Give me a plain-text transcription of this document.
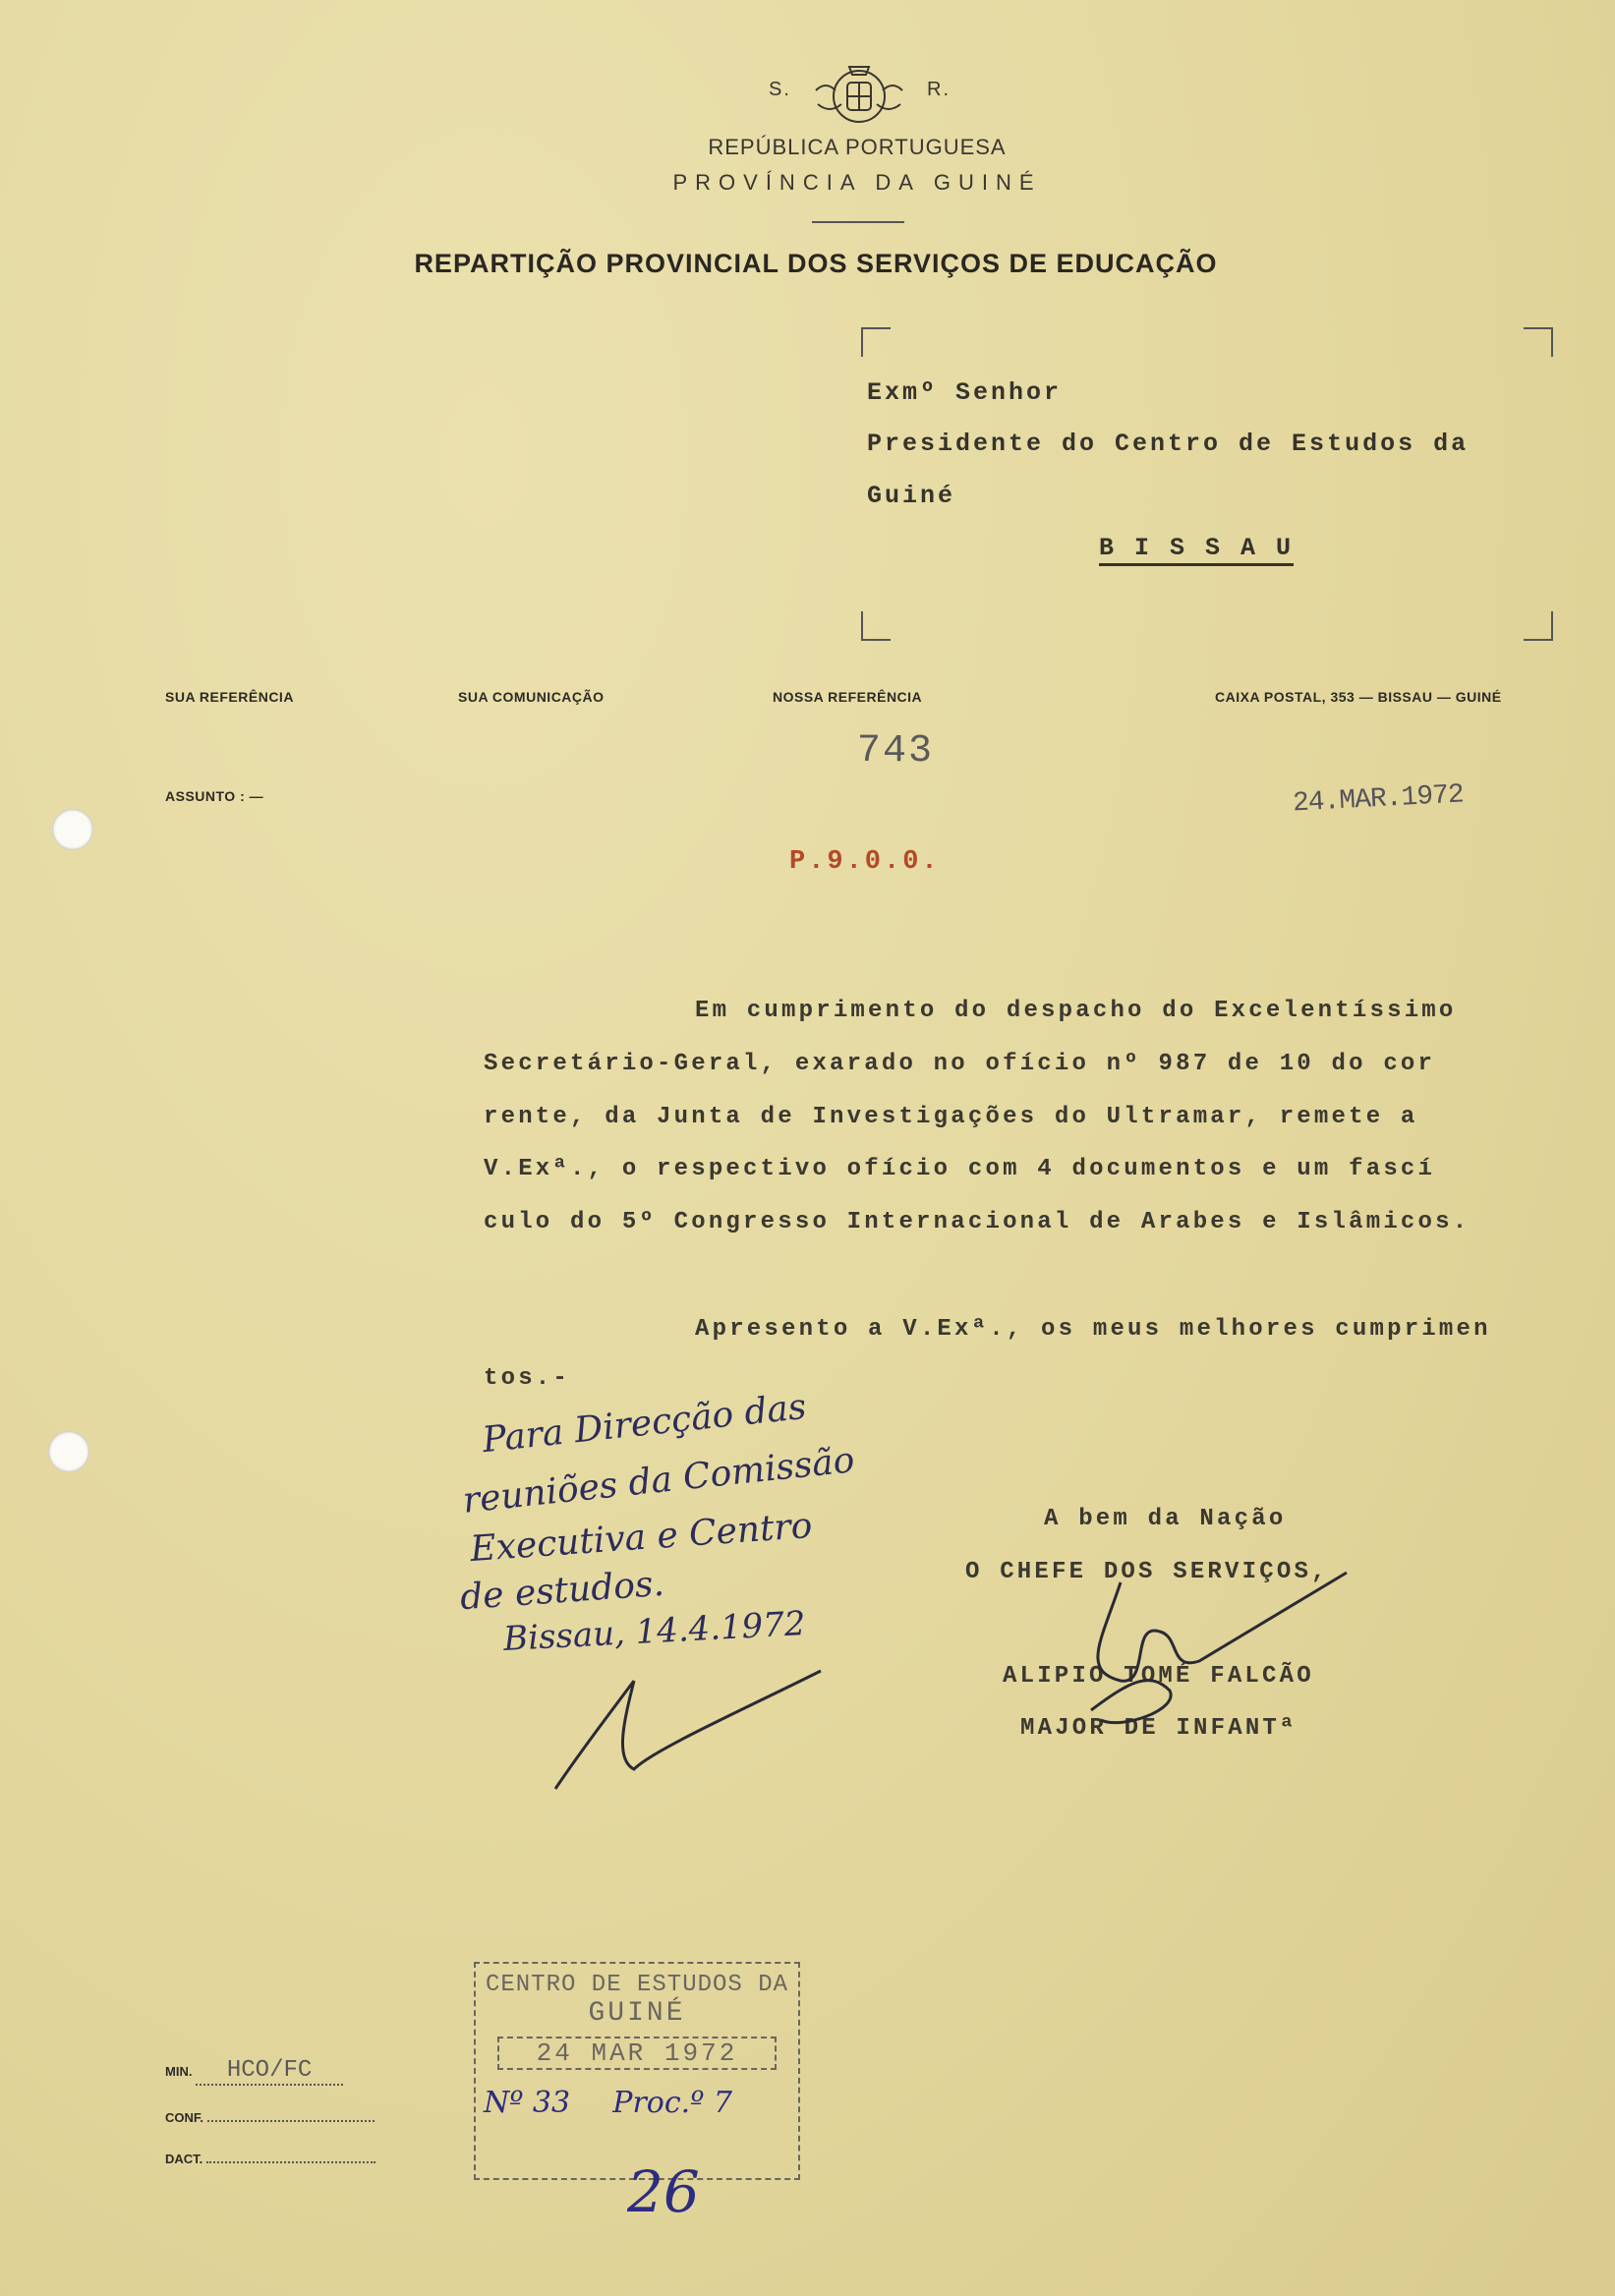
S.	R.
REPÚBLICA PORTUGUESA
PROVÍNCIA DA GUINÉ
REPARTIÇÃO PROVINCIAL DOS SERVIÇOS DE EDUCAÇÃO
Exmº Senhor
Presidente do Centro de Estudos da
Guiné
B I S S A U
SUA REFERÊNCIA	SUA COMUNICAÇÃO	NOSSA REFERÊNCIA	CAIXA POSTAL, 353 — BISSAU — GUINÉ
ASSUNTO : —
743
24.MAR.1972
P.9.0.0.
Em cumprimento do despacho do Excelentíssimo
Secretário-Geral, exarado no ofício nº 987 de 10 do cor
rente, da Junta de Investigações do Ultramar, remete a
V.Exª., o respectivo ofício com 4 documentos e um fascí
culo do 5º Congresso Internacional de Arabes e Islâmicos.
Apresento a V.Exª., os meus melhores cumprimen
tos.-
A bem da Nação
O CHEFE DOS SERVIÇOS,
ALIPIO TOMÉ FALCÃO
MAJOR DE INFANTª
Para Direcção das
reuniões da Comissão
Executiva e Centro
de estudos.
Bissau, 14.4.1972
MIN. HCO/FC
CONF.
DACT.
CENTRO DE ESTUDOS DA
GUINÉ
24 MAR 1972
Nº 33 Proc.º 7
26
